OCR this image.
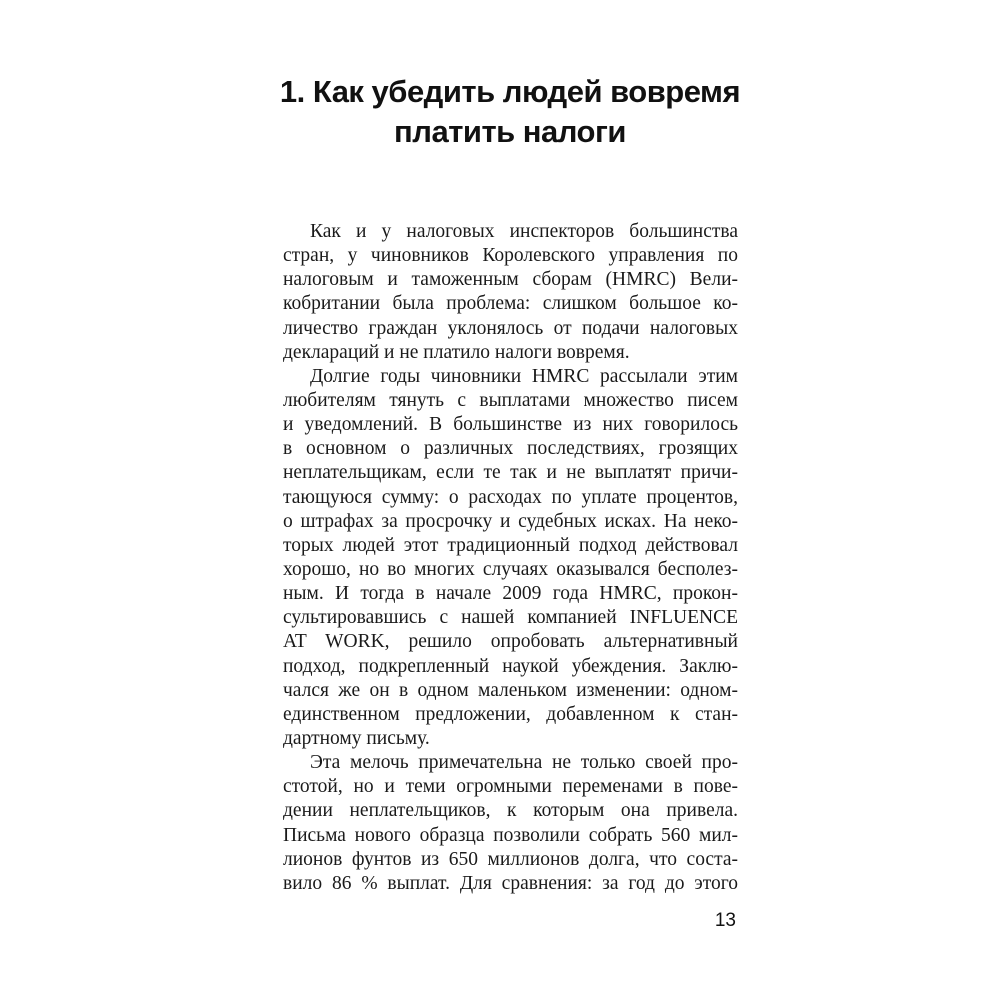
1. Как убедить людей вовремя
платить налоги

Как и у налоговых инспекторов большинства
стран, у чиновников Королевского управления по
налоговым и таможенным сборам (HMRC) Вели-
кобритании была проблема: слишком большое ко-
личество граждан уклонялось от подачи налоговых
деклараций и не платило налоги вовремя.

Долгие годы чиновники HMRC рассылали этим
любителям тянуть с выплатами множество писем
и уведомлений. В большинстве из них говорилось
в основном о различных последствиях, грозящих
неплательщикам, если те так и не выплатят причи-
тающуюся сумму: о расходах по уплате процентов,
о штрафах за просрочку и судебных исках. На неко-
торых людей этот традиционный подход действовал
хорошо, но во многих случаях оказывался бесполез-
ным. И тогда в начале 2009 года HMRC, прокон-
сультировавшись с нашей компанией INFLUENCE
AT WORK, решило опробовать альтернативный
подход, подкрепленный наукой убеждения. Заклю-
чался же он в одном маленьком изменении: одном-
единственном предложении, добавленном к стан-
дартному письму.

Эта мелочь примечательна не только своей про-
стотой, но и теми огромными переменами в пове-
дении неплательщиков, к которым она привела.
Письма нового образца позволили собрать 560 мил-
лионов фунтов из 650 миллионов долга, что соста-
вило 86 % выплат. Для сравнения: за год до этого

13
